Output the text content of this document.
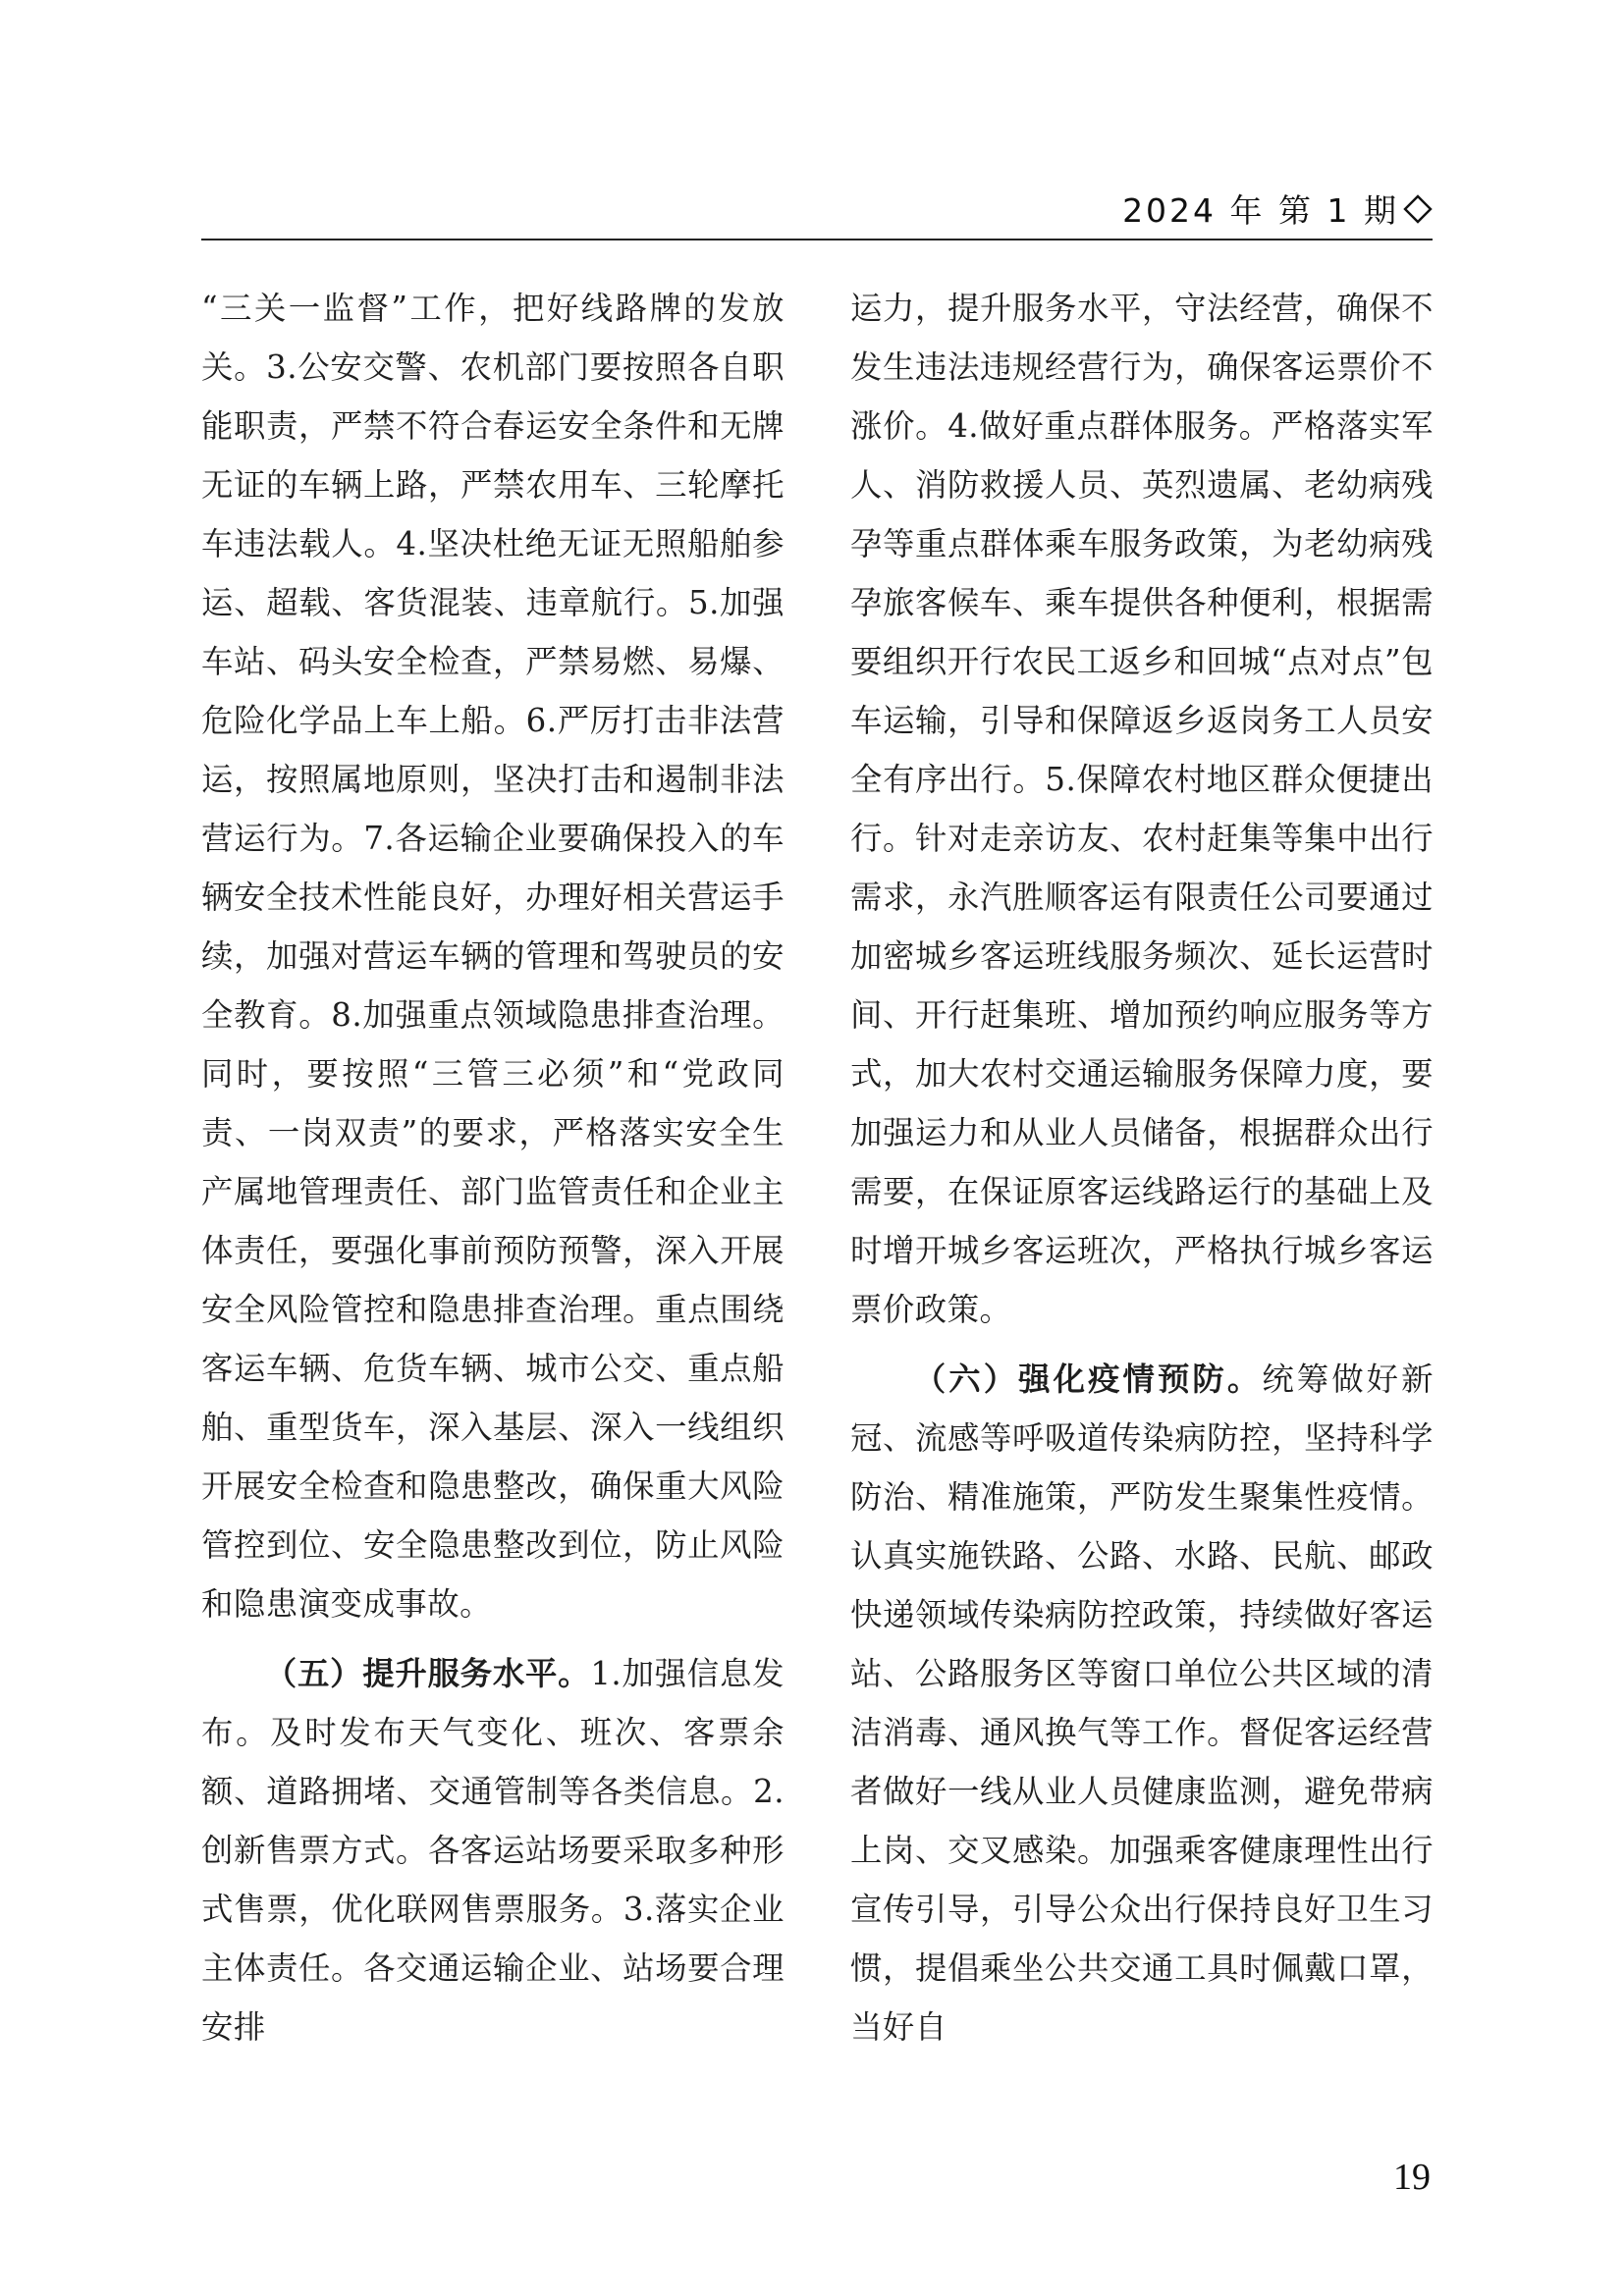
2024 年 第 1 期

“三关一监督”工作，把好线路牌的发放关。3.公安交警、农机部门要按照各自职能职责，严禁不符合春运安全条件和无牌无证的车辆上路，严禁农用车、三轮摩托车违法载人。4.坚决杜绝无证无照船舶参运、超载、客货混装、违章航行。5.加强车站、码头安全检查，严禁易燃、易爆、危险化学品上车上船。6.严厉打击非法营运，按照属地原则，坚决打击和遏制非法营运行为。7.各运输企业要确保投入的车辆安全技术性能良好，办理好相关营运手续，加强对营运车辆的管理和驾驶员的安全教育。8.加强重点领域隐患排查治理。同时，要按照“三管三必须”和“党政同责、一岗双责”的要求，严格落实安全生产属地管理责任、部门监管责任和企业主体责任，要强化事前预防预警，深入开展安全风险管控和隐患排查治理。重点围绕客运车辆、危货车辆、城市公交、重点船舶、重型货车，深入基层、深入一线组织开展安全检查和隐患整改，确保重大风险管控到位、安全隐患整改到位，防止风险和隐患演变成事故。

（五）提升服务水平。1.加强信息发布。及时发布天气变化、班次、客票余额、道路拥堵、交通管制等各类信息。2.创新售票方式。各客运站场要采取多种形式售票，优化联网售票服务。3.落实企业主体责任。各交通运输企业、站场要合理安排

运力，提升服务水平，守法经营，确保不发生违法违规经营行为，确保客运票价不涨价。4.做好重点群体服务。严格落实军人、消防救援人员、英烈遗属、老幼病残孕等重点群体乘车服务政策，为老幼病残孕旅客候车、乘车提供各种便利，根据需要组织开行农民工返乡和回城“点对点”包车运输，引导和保障返乡返岗务工人员安全有序出行。5.保障农村地区群众便捷出行。针对走亲访友、农村赶集等集中出行需求，永汽胜顺客运有限责任公司要通过加密城乡客运班线服务频次、延长运营时间、开行赶集班、增加预约响应服务等方式，加大农村交通运输服务保障力度，要加强运力和从业人员储备，根据群众出行需要，在保证原客运线路运行的基础上及时增开城乡客运班次，严格执行城乡客运票价政策。

（六）强化疫情预防。统筹做好新冠、流感等呼吸道传染病防控，坚持科学防治、精准施策，严防发生聚集性疫情。认真实施铁路、公路、水路、民航、邮政快递领域传染病防控政策，持续做好客运站、公路服务区等窗口单位公共区域的清洁消毒、通风换气等工作。督促客运经营者做好一线从业人员健康监测，避免带病上岗、交叉感染。加强乘客健康理性出行宣传引导，引导公众出行保持良好卫生习惯，提倡乘坐公共交通工具时佩戴口罩，当好自

19
